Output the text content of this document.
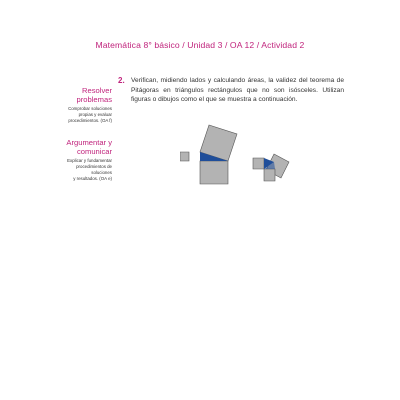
Matemática 8° básico / Unidad 3 / OA 12 / Actividad 2
Resolver
problemas
Comprobar soluciones
propias y evaluar
procedimientos. (OA f)
Argumentar y
comunicar
Explicar y fundamentar
procedimientos de soluciones
y resultados. (OA e)
2. Verifican, midiendo lados y calculando áreas, la validez del teorema de Pitágoras en triángulos rectángulos que no son isósceles. Utilizan figuras o dibujos como el que se muestra a continuación.
